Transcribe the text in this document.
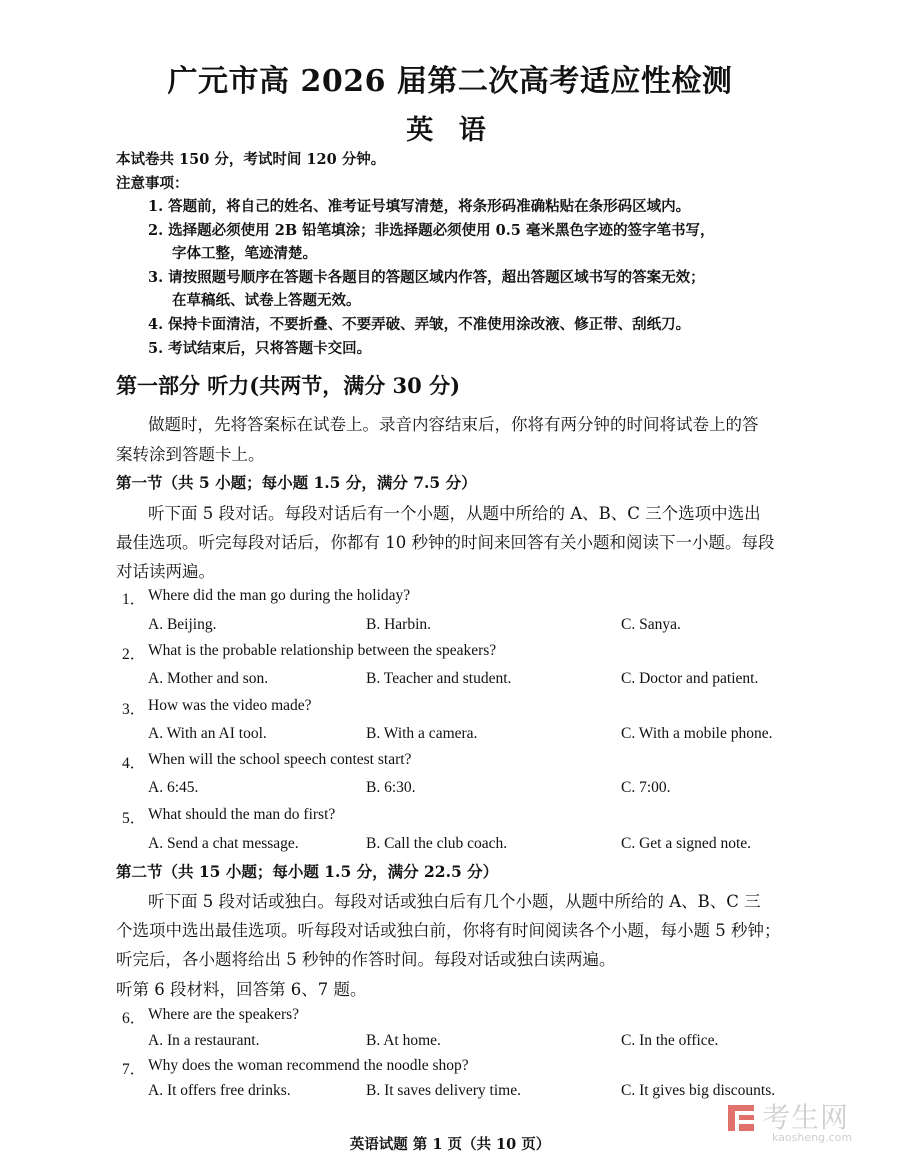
广元市高 2026 届第二次高考适应性检测
英 语
本试卷共 150 分，考试时间 120 分钟。
注意事项：
1. 答题前，将自己的姓名、准考证号填写清楚，将条形码准确粘贴在条形码区域内。
2. 选择题必须使用 2B 铅笔填涂；非选择题必须使用 0.5 毫米黑色字迹的签字笔书写，
字体工整，笔迹清楚。
3. 请按照题号顺序在答题卡各题目的答题区域内作答，超出答题区域书写的答案无效；
在草稿纸、试卷上答题无效。
4. 保持卡面清洁，不要折叠、不要弄破、弄皱，不准使用涂改液、修正带、刮纸刀。
5. 考试结束后，只将答题卡交回。
第一部分 听力(共两节，满分 30 分)
做题时，先将答案标在试卷上。录音内容结束后，你将有两分钟的时间将试卷上的答
案转涂到答题卡上。
第一节（共 5 小题；每小题 1.5 分，满分 7.5 分）
听下面 5 段对话。每段对话后有一个小题，从题中所给的 A、B、C 三个选项中选出
最佳选项。听完每段对话后，你都有 10 秒钟的时间来回答有关小题和阅读下一小题。每段
对话读两遍。
1． Where did the man go during the holiday?
A. Beijing.	B. Harbin.	C. Sanya.
2． What is the probable relationship between the speakers?
A. Mother and son.	B. Teacher and student.	C. Doctor and patient.
3． How was the video made?
A. With an AI tool.	B. With a camera.	C. With a mobile phone.
4． When will the school speech contest start?
A. 6:45.	B. 6:30.	C. 7:00.
5． What should the man do first?
A. Send a chat message.	B. Call the club coach.	C. Get a signed note.
第二节（共 15 小题；每小题 1.5 分，满分 22.5 分）
听下面 5 段对话或独白。每段对话或独白后有几个小题，从题中所给的 A、B、C 三
个选项中选出最佳选项。听每段对话或独白前，你将有时间阅读各个小题，每小题 5 秒钟；
听完后，各小题将给出 5 秒钟的作答时间。每段对话或独白读两遍。
听第 6 段材料，回答第 6、7 题。
6． Where are the speakers?
A. In a restaurant.	B. At home.	C. In the office.
7． Why does the woman recommend the noodle shop?
A. It offers free drinks.	B. It saves delivery time.	C. It gives big discounts.
考生网
kaosheng.com
英语试题 第 1 页（共 10 页）
